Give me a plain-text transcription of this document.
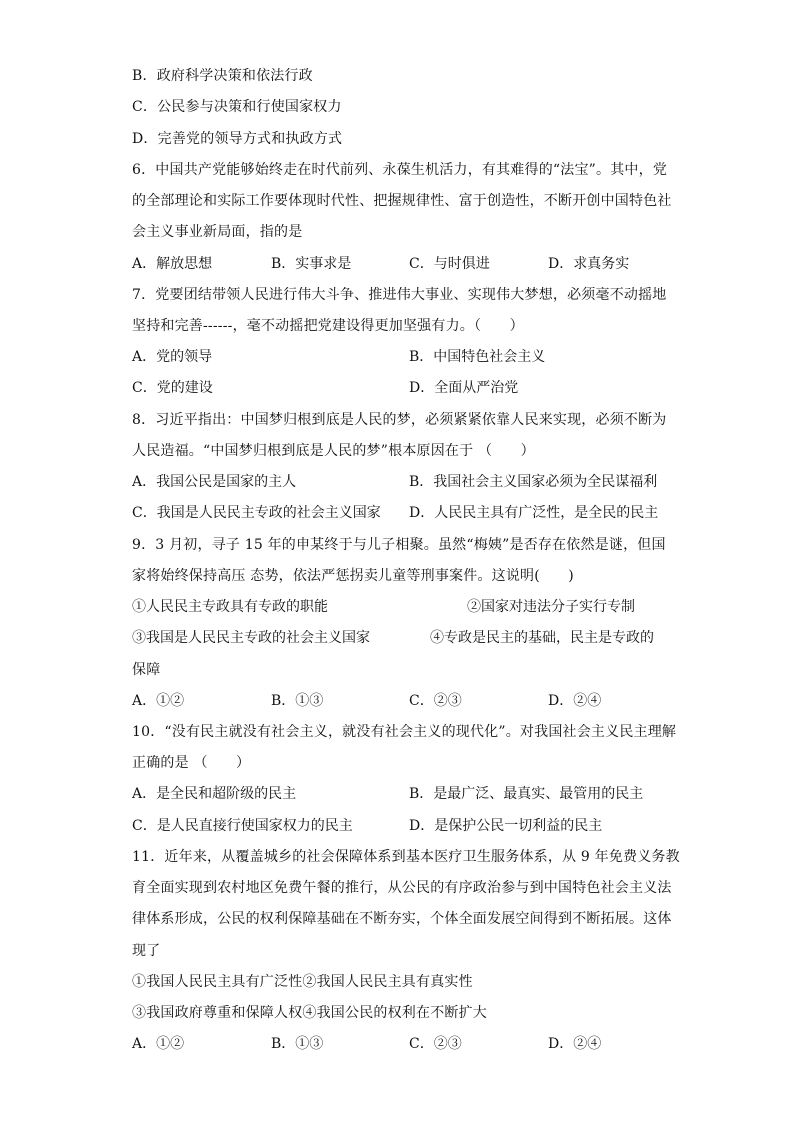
B．政府科学决策和依法行政
C．公民参与决策和行使国家权力
D．完善党的领导方式和执政方式
6．中国共产党能够始终走在时代前列、永葆生机活力，有其难得的“法宝”。其中，党
的全部理论和实际工作要体现时代性、把握规律性、富于创造性，不断开创中国特色社
会主义事业新局面，指的是
A．解放思想	B．实事求是	C．与时俱进	D．求真务实
7．党要团结带领人民进行伟大斗争、推进伟大事业、实现伟大梦想，必须毫不动摇地
坚持和完善------，毫不动摇把党建设得更加坚强有力。（　　）
A．党的领导	B．中国特色社会主义
C．党的建设	D．全面从严治党
8．习近平指出：中国梦归根到底是人民的梦，必须紧紧依靠人民来实现，必须不断为
人民造福。“中国梦归根到底是人民的梦”根本原因在于 （　　）
A．我国公民是国家的主人	B．我国社会主义国家必须为全民谋福利
C．我国是人民民主专政的社会主义国家 D．人民民主具有广泛性，是全民的民主
9．3 月初，寻子 15 年的申某终于与儿子相聚。虽然“梅姨”是否存在依然是谜，但国
家将始终保持高压 态势，依法严惩拐卖儿童等刑事案件。这说明(　　)
①人民民主专政具有专政的职能	②国家对违法分子实行专制
③我国是人民民主专政的社会主义国家	④专政是民主的基础，民主是专政的
保障
A．①②	B．①③	C．②③	D．②④
10．“没有民主就没有社会主义，就没有社会主义的现代化”。对我国社会主义民主理解
正确的是 （　　）
A．是全民和超阶级的民主	B．是最广泛、最真实、最管用的民主
C．是人民直接行使国家权力的民主	D．是保护公民一切利益的民主
11．近年来，从覆盖城乡的社会保障体系到基本医疗卫生服务体系，从 9 年免费义务教
育全面实现到农村地区免费午餐的推行，从公民的有序政治参与到中国特色社会主义法
律体系形成，公民的权利保障基础在不断夯实，个体全面发展空间得到不断拓展。这体
现了
①我国人民民主具有广泛性②我国人民民主具有真实性
③我国政府尊重和保障人权④我国公民的权利在不断扩大
A．①②	B．①③	C．②③	D．②④
